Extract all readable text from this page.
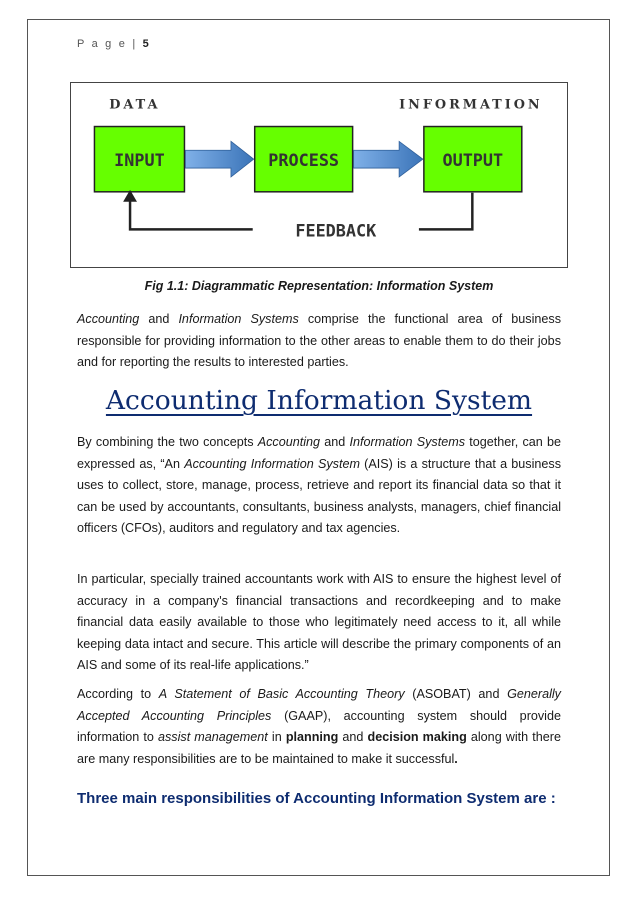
P a g e | 5
DATA	INFORMATION
INPUT	PROCESS	OUTPUT
FEEDBACK
Fig 1.1: Diagrammatic Representation: Information System
Accounting and Information Systems comprise the functional area of business responsible for providing information to the other areas to enable them to do their jobs and for reporting the results to interested parties.
Accounting Information System
By combining the two concepts Accounting and Information Systems together, can be expressed as, “An Accounting Information System (AIS) is a structure that a business uses to collect, store, manage, process, retrieve and report its financial data so that it can be used by accountants, consultants, business analysts, managers, chief financial officers (CFOs), auditors and regulatory and tax agencies.
In particular, specially trained accountants work with AIS to ensure the highest level of accuracy in a company's financial transactions and recordkeeping and to make financial data easily available to those who legitimately need access to it, all while keeping data intact and secure. This article will describe the primary components of an AIS and some of its real-life applications.”
According to A Statement of Basic Accounting Theory (ASOBAT) and Generally Accepted Accounting Principles (GAAP), accounting system should provide information to assist management in planning and decision making along with there are many responsibilities are to be maintained to make it successful.
Three main responsibilities of Accounting Information System are :
